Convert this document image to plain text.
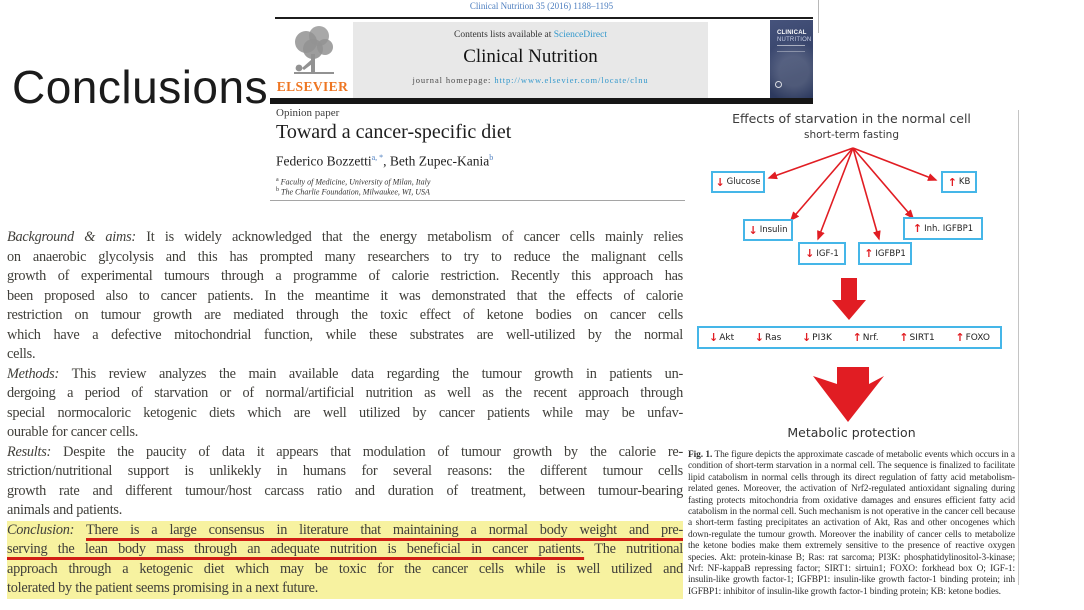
Conclusions
Clinical Nutrition 35 (2016) 1188–1195
ELSEVIER
Contents lists available at ScienceDirect
Clinical Nutrition
journal homepage: http://www.elsevier.com/locate/clnu
CLINICAL
NUTRITION
Opinion paper
Toward a cancer-specific diet
Federico Bozzetti$^{a, *}$, Beth Zupec-Kania$^b$
$^a$ Faculty of Medicine, University of Milan, Italy
$^b$ The Charlie Foundation, Milwaukee, WI, USA
Background & aims: It is widely acknowledged that the energy metabolism of cancer cells mainly relies
on anaerobic glycolysis and this has prompted many researchers to try to reduce the malignant cells
growth of experimental tumours through a programme of calorie restriction. Recently this approach has
been proposed also to cancer patients. In the meantime it was demonstrated that the effects of calorie
restriction on tumour growth are mediated through the toxic effect of ketone bodies on cancer cells
which have a defective mitochondrial function, while these substrates are well-utilized by the normal
cells.
Methods: This review analyzes the main available data regarding the tumour growth in patients un-
dergoing a period of starvation or of normal/artificial nutrition as well as the recent approach through
special normocaloric ketogenic diets which are well utilized by cancer patients while may be unfav-
ourable for cancer cells.
Results: Despite the paucity of data it appears that modulation of tumour growth by the calorie re-
striction/nutritional support is unlikekly in humans for several reasons: the different tumour cells
growth rate and different tumour/host carcass ratio and duration of treatment, between tumour-bearing
animals and patients.
Conclusion: There is a large consensus in literature that maintaining a normal body weight and pre-
serving the lean body mass through an adequate nutrition is beneficial in cancer patients. The nutritional
approach through a ketogenic diet which may be toxic for the cancer cells while is well utilized and
tolerated by the patient seems promising in a next future.
Effects of starvation in the normal cell
short-term fasting
↓ Glucose
↓ Insulin
↓ IGF-1 ↑ IGFBP1
↑ Inh. IGFBP1
↑ KB
↓ Akt ↓ Ras ↓ PI3K ↑ Nrf. ↑ SIRT1 ↑ FOXO
Metabolic protection
Fig. 1. The figure depicts the approximate cascade of metabolic events which occurs in a condition of short-term starvation in a normal cell. The sequence is finalized to facilitate lipid catabolism in normal cells through its direct regulation of fatty acid metabolism-related genes. Moreover, the activation of Nrf2-regulated antioxidant signaling during fasting protects mitochondria from oxidative damages and ensures efficient fatty acid catabolism in the normal cell. Such mechanism is not operative in the cancer cell because a short-term fasting precipitates an activation of Akt, Ras and other oncogenes which down-regulate the tumour growth. Moreover the inability of cancer cells to metabolize the ketone bodies make them extremely sensitive to the presence of reactive oxygen species. Akt: protein-kinase B; Ras: rat sarcoma; PI3K: phosphatidylinositol-3-kinase; Nrf: NF-kappaB repressing factor; SIRT1: sirtuin1; FOXO: forkhead box O; IGF-1: insulin-like growth factor-1; IGFBP1: insulin-like growth factor-1 binding protein; inh IGFBP1: inhibitor of insulin-like growth factor-1 binding protein; KB: ketone bodies.
